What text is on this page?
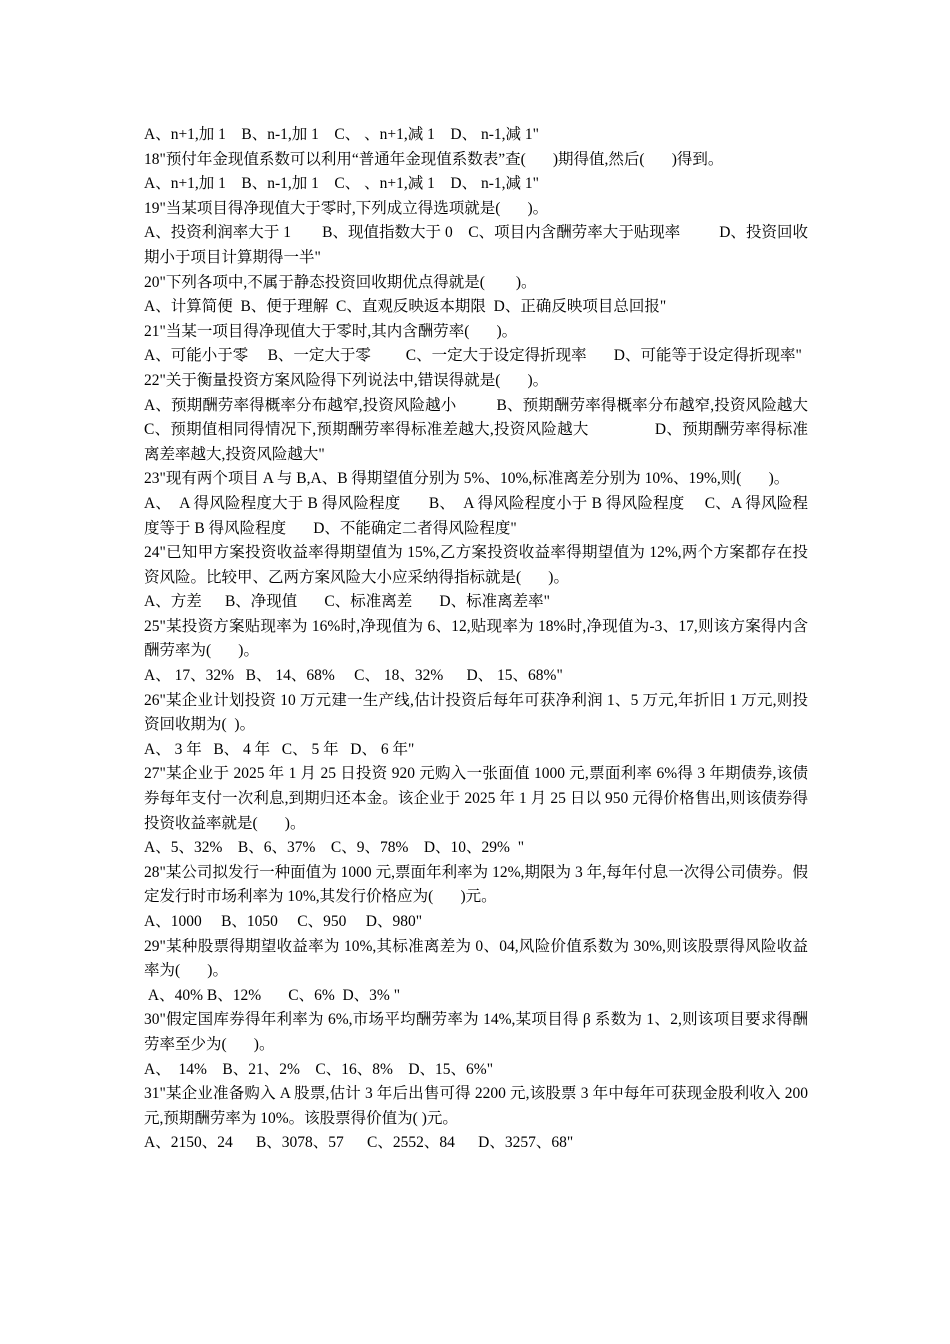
A、n+1,加 1    B、n-1,加 1    C、 、n+1,减 1    D、 n-1,减 1"

18"预付年金现值系数可以利用“普通年金现值系数表”查(       )期得值,然后(       )得到。

A、n+1,加 1    B、n-1,加 1    C、 、n+1,减 1    D、 n-1,减 1"

19"当某项目得净现值大于零时,下列成立得选项就是(       )。

A、投资利润率大于 1        B、现值指数大于 0    C、项目内含酬劳率大于贴现率          D、投资回收期小于项目计算期得一半"

20"下列各项中,不属于静态投资回收期优点得就是(        )。

A、计算简便  B、便于理解  C、直观反映返本期限  D、正确反映项目总回报"

21"当某一项目得净现值大于零时,其内含酬劳率(       )。

A、可能小于零     B、一定大于零         C、一定大于设定得折现率       D、可能等于设定得折现率"

22"关于衡量投资方案风险得下列说法中,错误得就是(       )。

A、预期酬劳率得概率分布越窄,投资风险越小          B、预期酬劳率得概率分布越窄,投资风险越大        C、预期值相同得情况下,预期酬劳率得标准差越大,投资风险越大                D、预期酬劳率得标准离差率越大,投资风险越大"

23"现有两个项目 A 与 B,A、B 得期望值分别为 5%、10%,标准离差分别为 10%、19%,则(       )。

A、  A 得风险程度大于 B 得风险程度       B、  A 得风险程度小于 B 得风险程度     C、A 得风险程度等于 B 得风险程度       D、不能确定二者得风险程度"

24"已知甲方案投资收益率得期望值为 15%,乙方案投资收益率得期望值为 12%,两个方案都存在投资风险。比较甲、乙两方案风险大小应采纳得指标就是(       )。

A、方差      B、净现值       C、标准离差       D、标准离差率"

25"某投资方案贴现率为 16%时,净现值为 6、12,贴现率为 18%时,净现值为-3、17,则该方案得内含酬劳率为(       )。

A、 17、32%   B、 14、68%     C、 18、32%      D、 15、68%"

26"某企业计划投资 10 万元建一生产线,估计投资后每年可获净利润 1、5 万元,年折旧 1 万元,则投资回收期为(  )。

A、 3 年   B、 4 年   C、 5 年   D、 6 年"

27"某企业于 2025 年 1 月 25 日投资 920 元购入一张面值 1000 元,票面利率 6%得 3 年期债券,该债券每年支付一次利息,到期归还本金。该企业于 2025 年 1 月 25 日以 950 元得价格售出,则该债券得投资收益率就是(       )。

A、5、32%    B、6、37%    C、9、78%    D、10、29%  "

28"某公司拟发行一种面值为 1000 元,票面年利率为 12%,期限为 3 年,每年付息一次得公司债券。假定发行时市场利率为 10%,其发行价格应为(       )元。

A、1000     B、1050     C、950     D、980"

29"某种股票得期望收益率为 10%,其标准离差为 0、04,风险价值系数为 30%,则该股票得风险收益率为(       )。

A、40% B、12%       C、6%  D、3% "

30"假定国库券得年利率为 6%,市场平均酬劳率为 14%,某项目得 β 系数为 1、2,则该项目要求得酬劳率至少为(       )。

A、  14%    B、21、2%    C、16、8%    D、15、6%"

31"某企业准备购入 A 股票,估计 3 年后出售可得 2200 元,该股票 3 年中每年可获现金股利收入 200 元,预期酬劳率为 10%。该股票得价值为( )元。

A、2150、24      B、3078、57      C、2552、84      D、3257、68"
